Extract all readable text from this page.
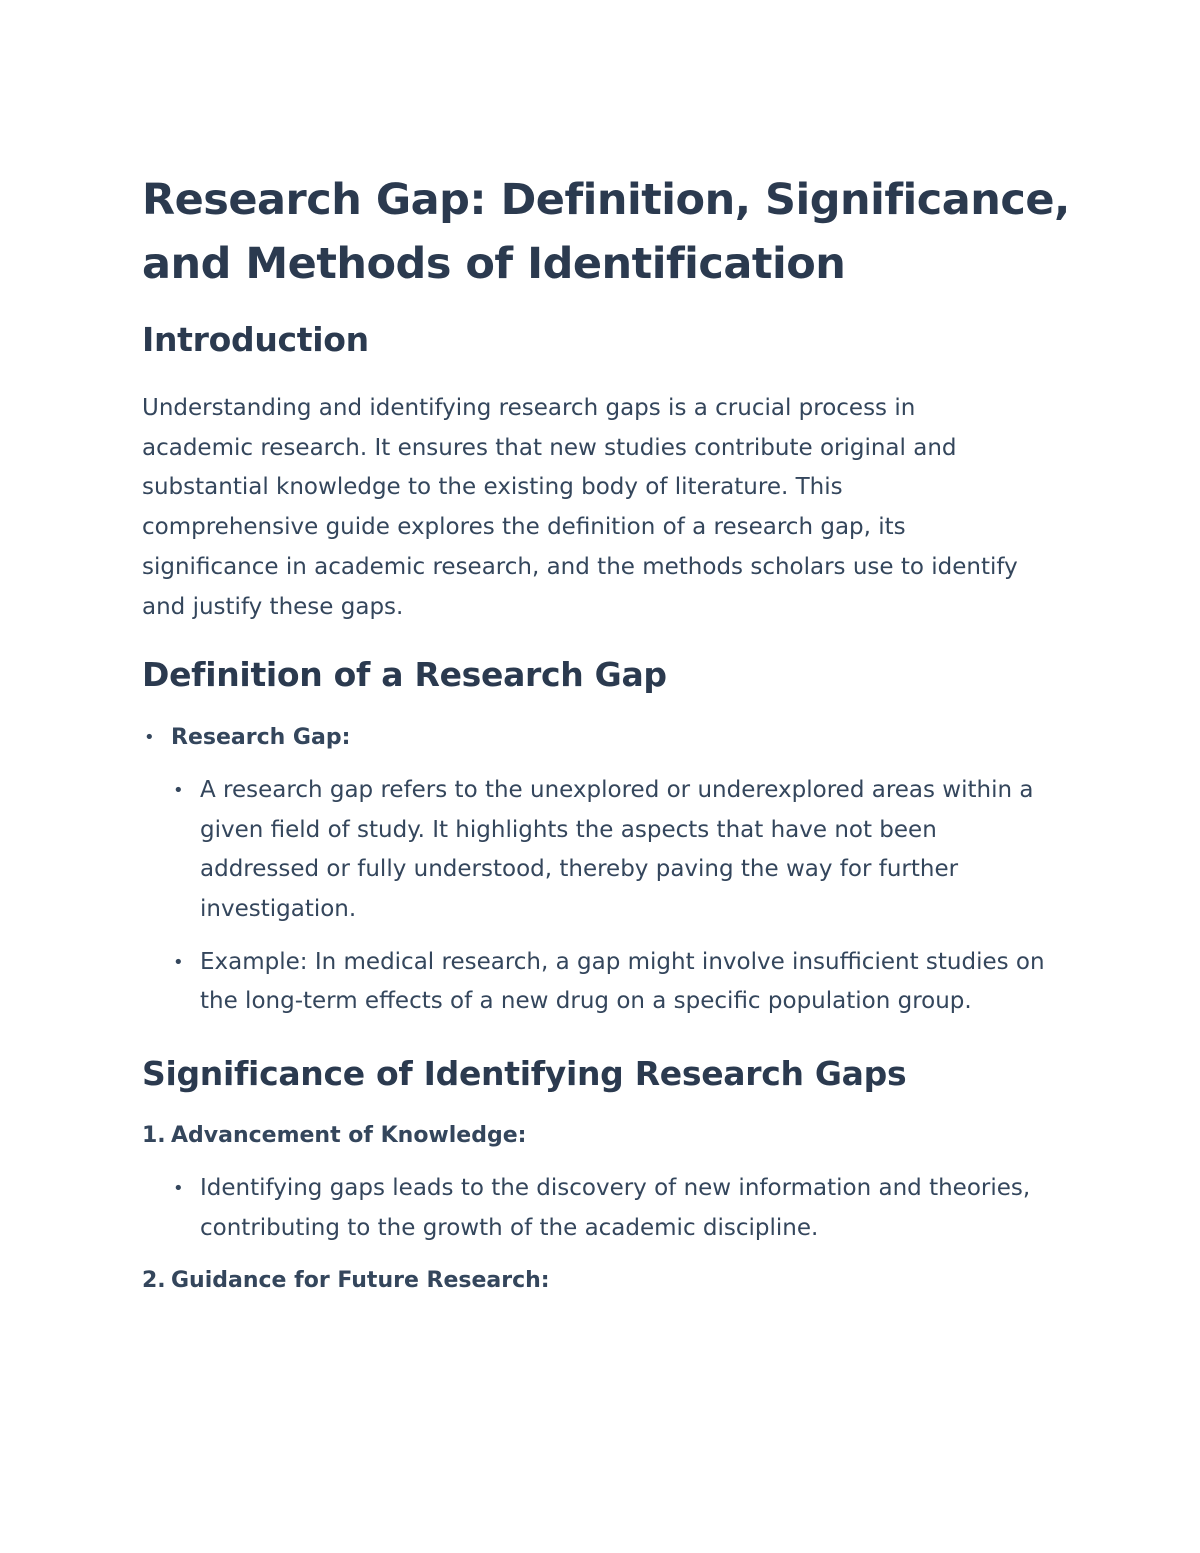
Research Gap: Definition, Significance, and Methods of Identification
Introduction

Understanding and identifying research gaps is a crucial process in academic research. It ensures that new studies contribute original and substantial knowledge to the existing body of literature. This comprehensive guide explores the definition of a research gap, its significance in academic research, and the methods scholars use to identify and justify these gaps.

Definition of a Research Gap
• Research Gap:
• A research gap refers to the unexplored or underexplored areas within a given field of study. It highlights the aspects that have not been addressed or fully understood, thereby paving the way for further investigation.
• Example: In medical research, a gap might involve insufficient studies on the long-term effects of a new drug on a specific population group.
Significance of Identifying Research Gaps
1. Advancement of Knowledge:
• Identifying gaps leads to the discovery of new information and theories, contributing to the growth of the academic discipline.
2. Guidance for Future Research:
